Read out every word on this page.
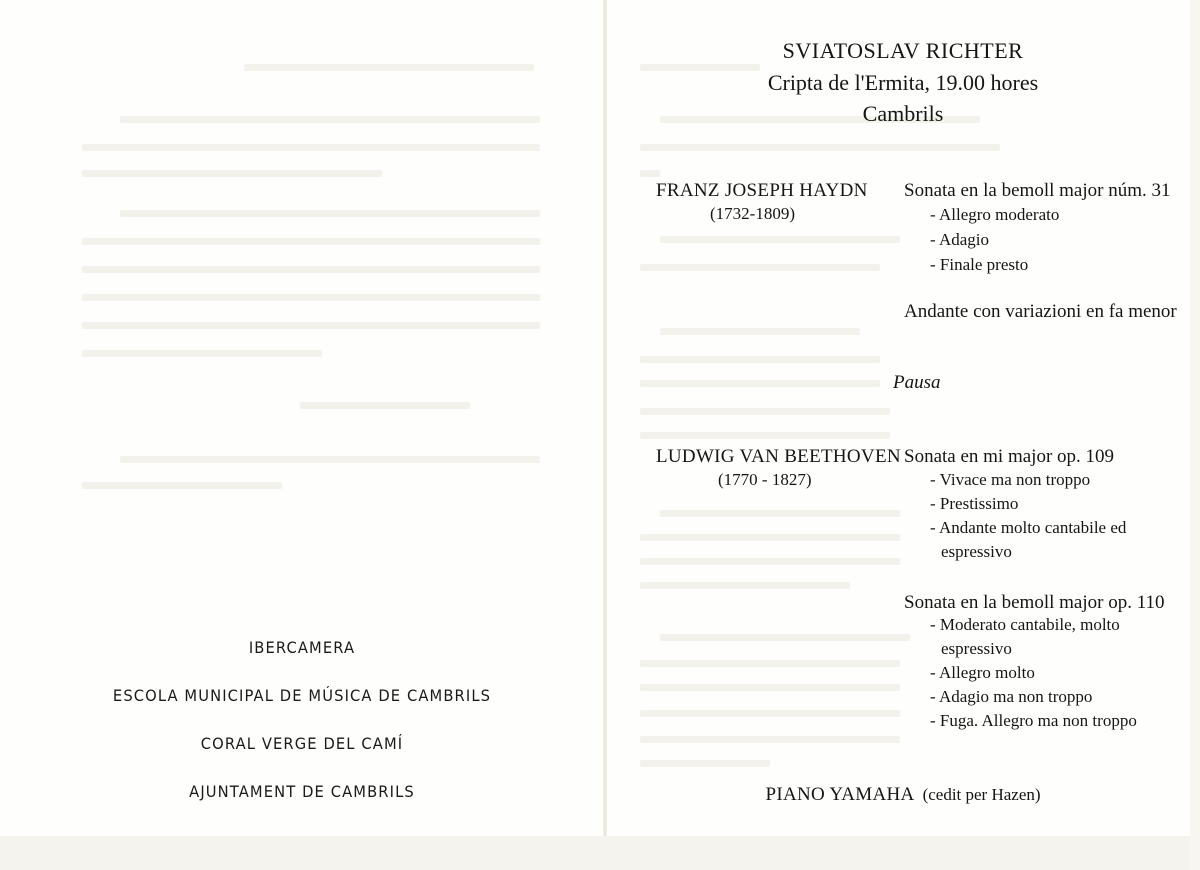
IBERCAMERA
ESCOLA MUNICIPAL DE MÚSICA DE CAMBRILS
CORAL VERGE DEL CAMÍ
AJUNTAMENT DE CAMBRILS
SVIATOSLAV RICHTER
Cripta de l'Ermita, 19.00 hores
Cambrils
FRANZ JOSEPH HAYDN
(1732-1809)
Sonata en la bemoll major núm. 31
- Allegro moderato
- Adagio
- Finale presto
Andante con variazioni en fa menor
Pausa
LUDWIG VAN BEETHOVEN
(1770 - 1827)
Sonata en mi major op. 109
- Vivace ma non troppo
- Prestissimo
- Andante molto cantabile ed
espressivo
Sonata en la bemoll major op. 110
- Moderato cantabile, molto
espressivo
- Allegro molto
- Adagio ma non troppo
- Fuga. Allegro ma non troppo
PIANO YAMAHA (cedit per Hazen)
